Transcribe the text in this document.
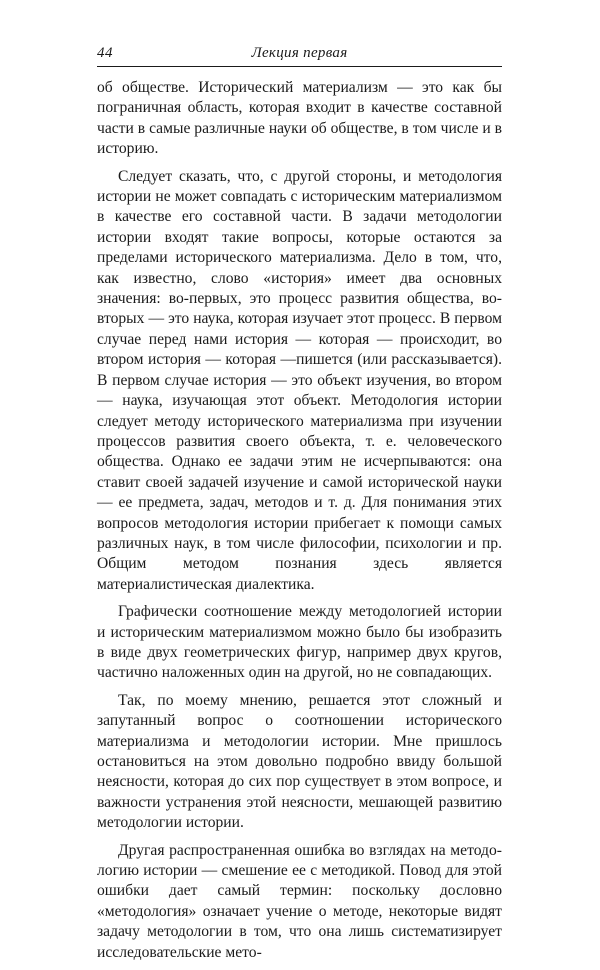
44	Лекция первая

об обществе. Исторический материализм — это как бы пограничная область, которая входит в качестве составной части в самые различные науки об обществе, в том числе и в историю.

Следует сказать, что, с другой стороны, и методология истории не может совпадать с историческим материализмом в качестве его составной части. В задачи методологии истории входят такие вопросы, которые остаются за пределами исторического материализма. Дело в том, что, как известно, слово «история» имеет два основных значения: во-первых, это процесс развития общества, во-вторых — это наука, которая изучает этот процесс. В первом случае перед нами история — которая — происходит, во втором история — которая —пишется (или рассказывается). В первом случае история — это объект изучения, во втором — наука, изучающая этот объект. Методология истории следует методу исторического материализма при изучении процессов развития своего объекта, т. е. человеческого общества. Однако ее задачи этим не исчерпываются: она ставит своей задачей изучение и самой исторической науки — ее предмета, задач, методов и т. д. Для понимания этих вопросов методология истории прибегает к помощи самых различных наук, в том числе философии, психологии и пр. Общим методом познания здесь является материалистическая диалектика.

Графически соотношение между методологией истории и историческим материализмом можно было бы изобразить в виде двух геометрических фигур, например двух кругов, частично наложенных один на другой, но не совпадающих.

Так, по моему мнению, решается этот сложный и запутанный вопрос о соотношении исторического материализма и методологии истории. Мне пришлось остановиться на этом довольно подробно ввиду большой неясности, которая до сих пор существует в этом вопросе, и важности устранения этой неясности, мешающей развитию методологии истории.

Другая распространенная ошибка во взглядах на методологию истории — смешение ее с методикой. Повод для этой ошибки дает самый термин: поскольку дословно «методология» означает учение о методе, некоторые видят задачу методологии в том, что она лишь систематизирует исследовательские мето-
